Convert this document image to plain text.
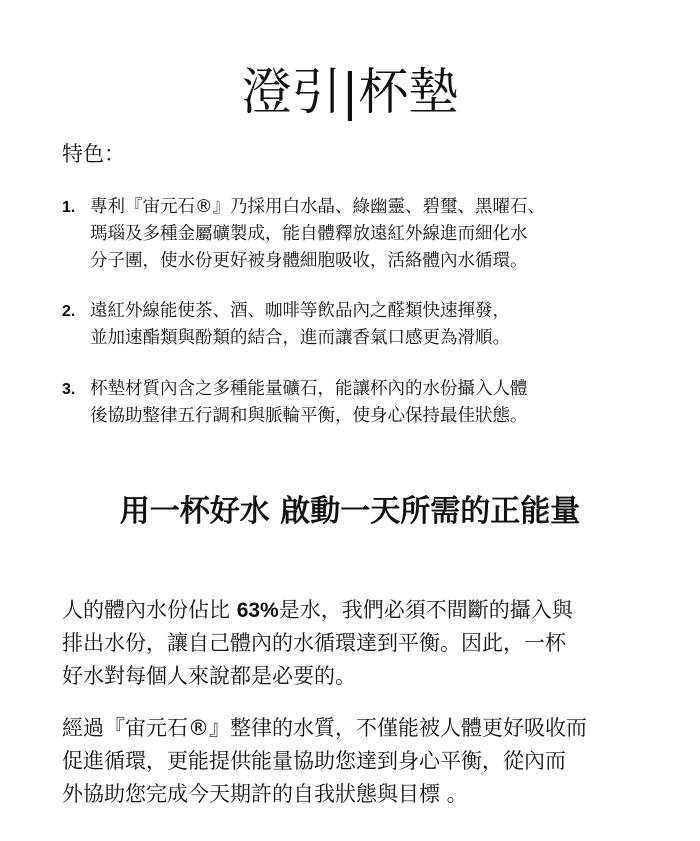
澄引|杯墊

特色：

1. 專利『宙元石®』乃採用白水晶、綠幽靈、碧璽、黑曜石、
瑪瑙及多種金屬礦製成，能自體釋放遠紅外線進而細化水
分子團，使水份更好被身體細胞吸收，活絡體內水循環。
2. 遠紅外線能使茶、酒、咖啡等飲品內之醛類快速揮發，
並加速酯類與酚類的結合，進而讓香氣口感更為滑順。
3. 杯墊材質內含之多種能量礦石，能讓杯內的水份攝入人體
後協助整律五行調和與脈輪平衡，使身心保持最佳狀態。
用一杯好水 啟動一天所需的正能量
人的體內水份佔比 63%是水，我們必須不間斷的攝入與
排出水份，讓自己體內的水循環達到平衡。因此，一杯
好水對每個人來說都是必要的。
經過『宙元石®』整律的水質，不僅能被人體更好吸收而
促進循環，更能提供能量協助您達到身心平衡，從內而
外協助您完成今天期許的自我狀態與目標 。
